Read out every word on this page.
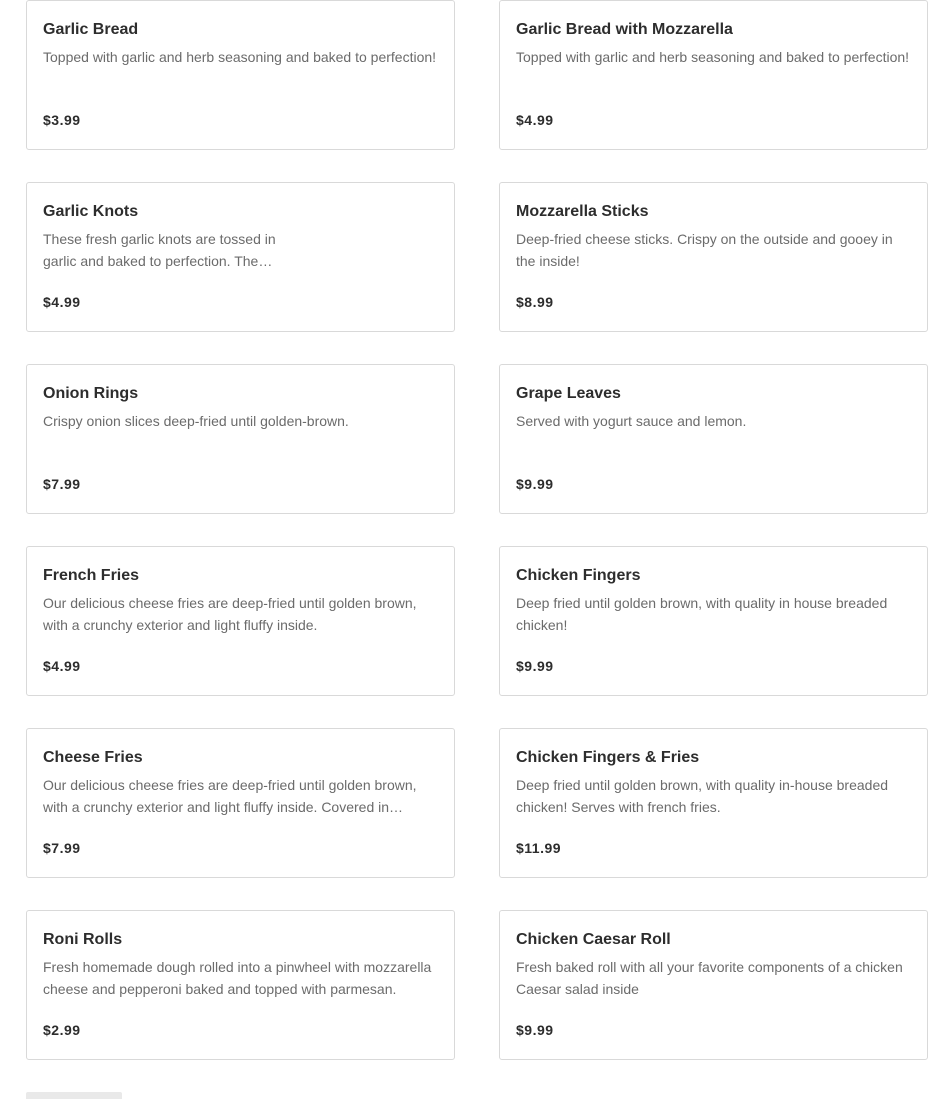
Garlic Bread
Topped with garlic and herb seasoning and baked to perfection!
$3.99
Garlic Bread with Mozzarella
Topped with garlic and herb seasoning and baked to perfection!
$4.99
Garlic Knots
These fresh garlic knots are tossed in garlic and baked to perfection. The…
$4.99
Mozzarella Sticks
Deep-fried cheese sticks. Crispy on the outside and gooey in the inside!
$8.99
Onion Rings
Crispy onion slices deep-fried until golden-brown.
$7.99
Grape Leaves
Served with yogurt sauce and lemon.
$9.99
French Fries
Our delicious cheese fries are deep-fried until golden brown, with a crunchy exterior and light fluffy inside.
$4.99
Chicken Fingers
Deep fried until golden brown, with quality in house breaded chicken!
$9.99
Cheese Fries
Our delicious cheese fries are deep-fried until golden brown, with a crunchy exterior and light fluffy inside. Covered in…
$7.99
Chicken Fingers & Fries
Deep fried until golden brown, with quality in-house breaded chicken! Serves with french fries.
$11.99
Roni Rolls
Fresh homemade dough rolled into a pinwheel with mozzarella cheese and pepperoni baked and topped with parmesan.
$2.99
Chicken Caesar Roll
Fresh baked roll with all your favorite components of a chicken Caesar salad inside
$9.99
